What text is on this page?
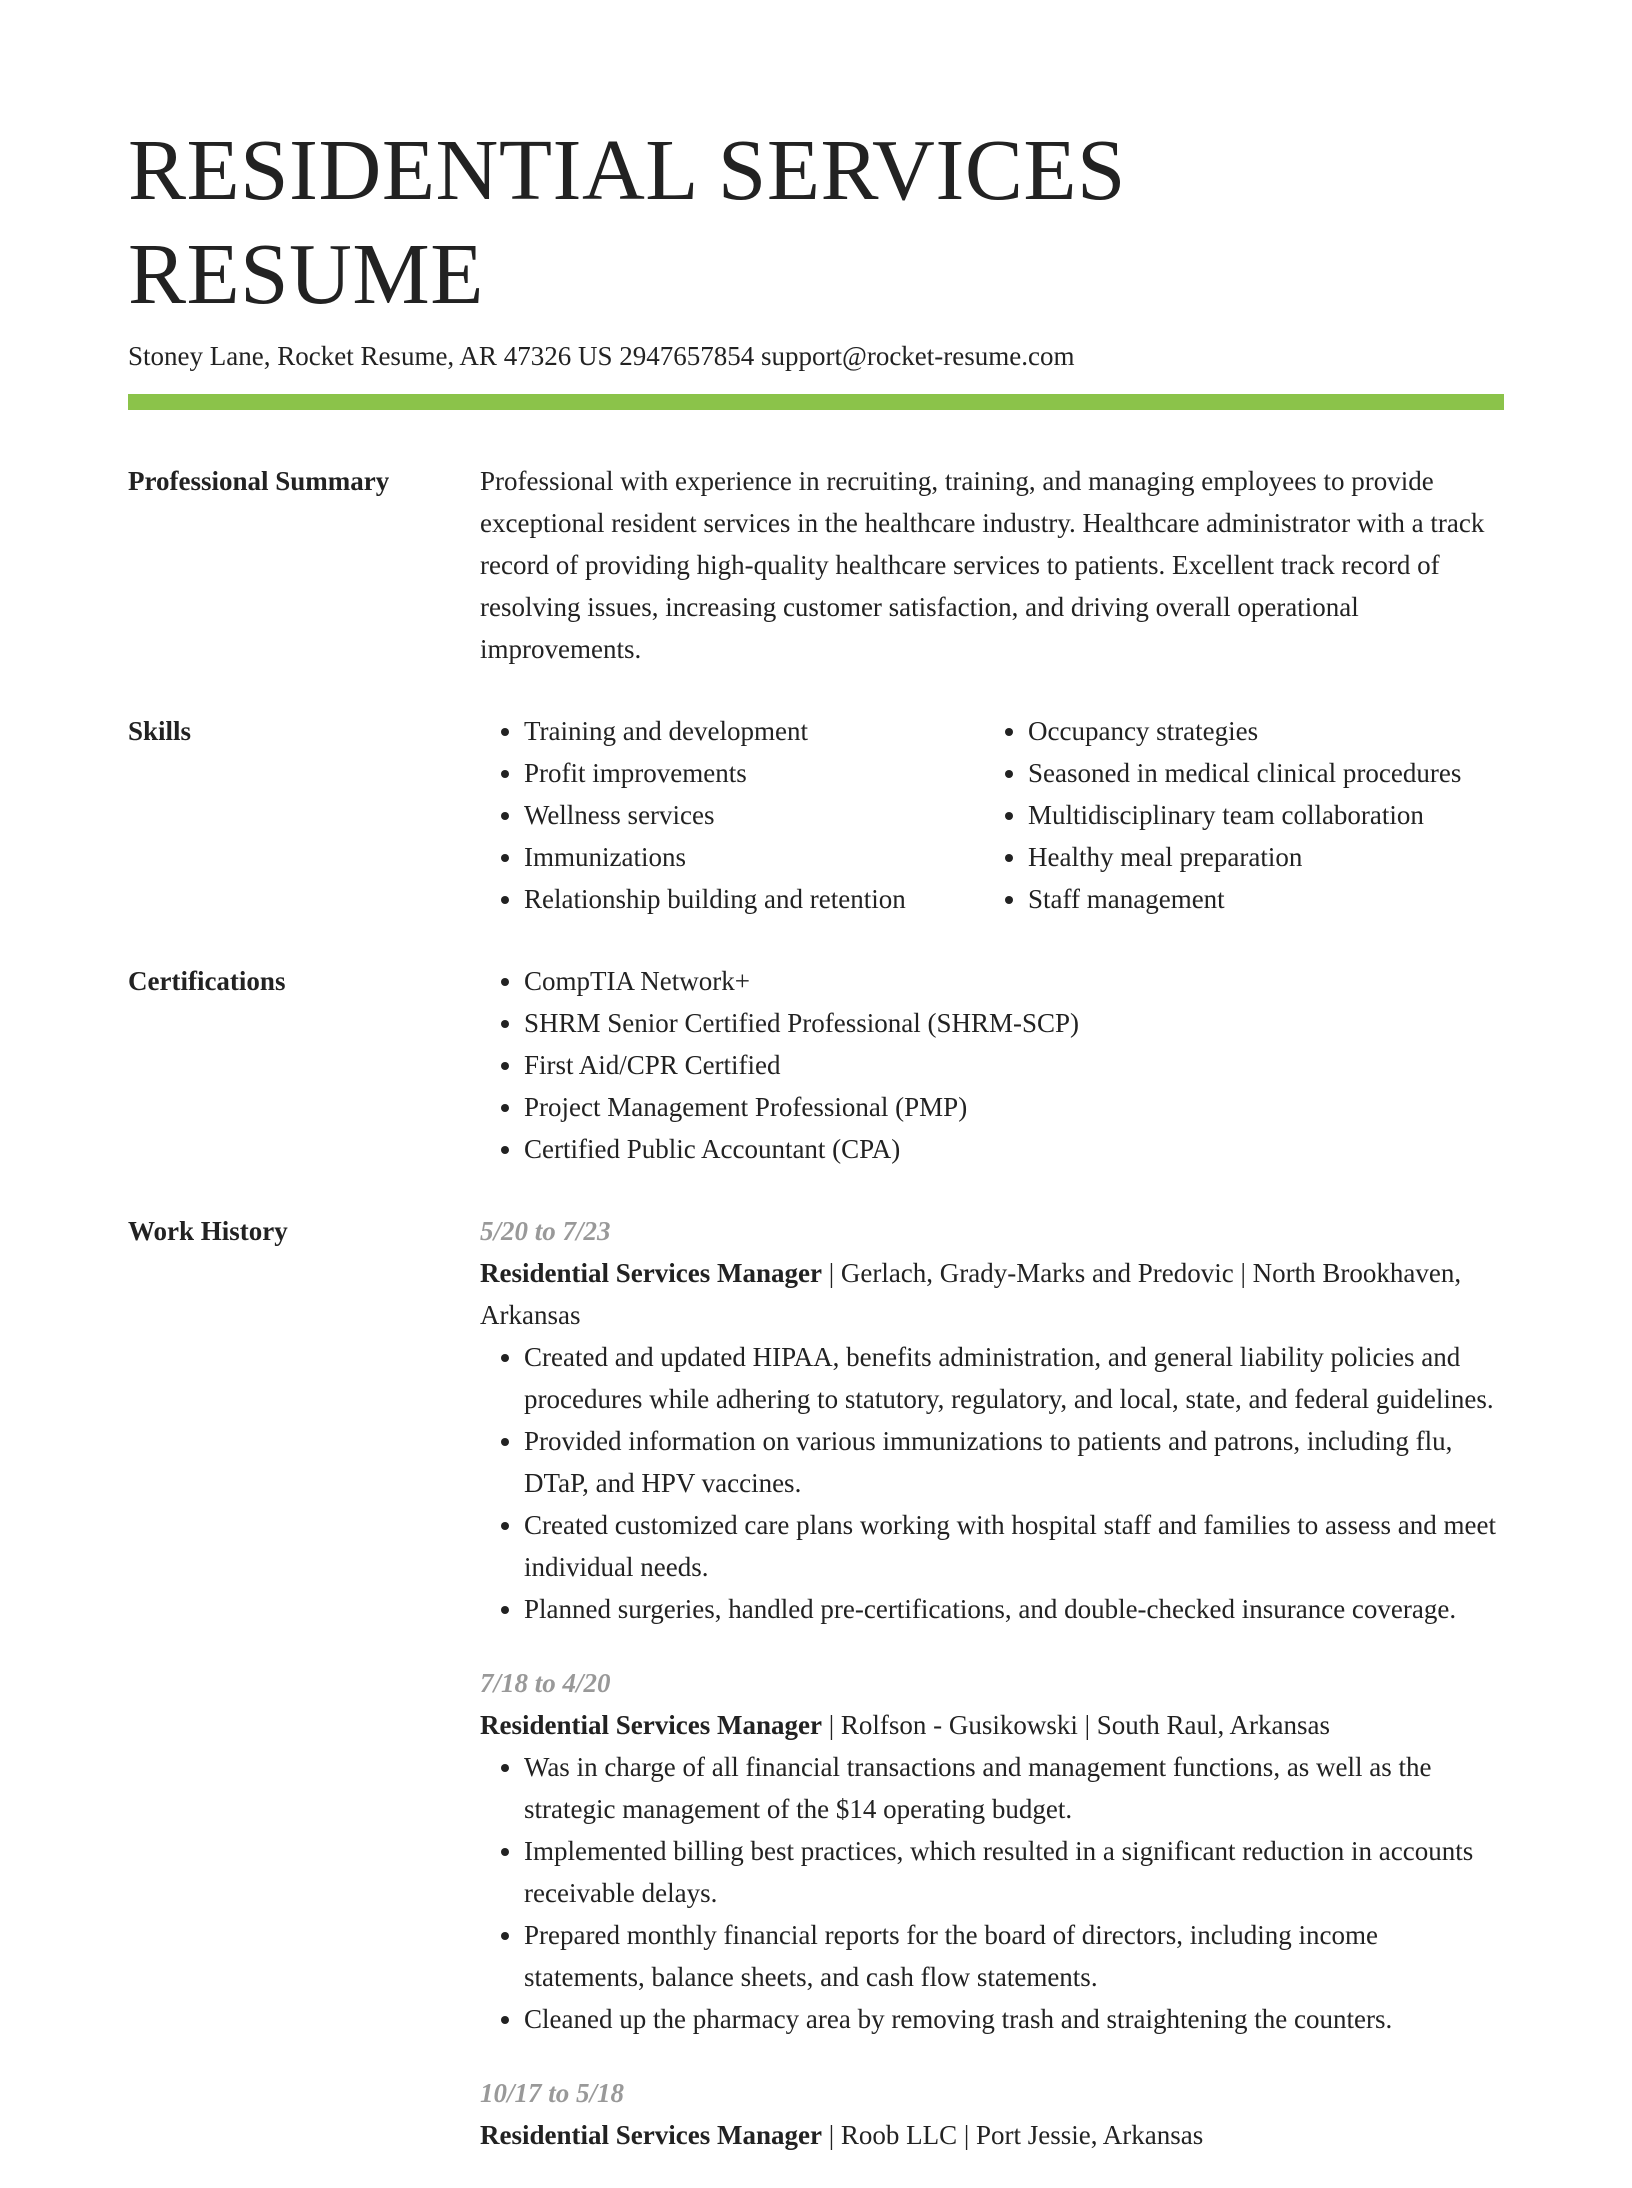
RESIDENTIAL SERVICES RESUME
Stoney Lane, Rocket Resume, AR 47326 US 2947657854 support@rocket-resume.com
Professional Summary	Professional with experience in recruiting, training, and managing employees to provide exceptional resident services in the healthcare industry. Healthcare administrator with a track record of providing high-quality healthcare services to patients. Excellent track record of resolving issues, increasing customer satisfaction, and driving overall operational improvements.

Skills	• Training and development
• Profit improvements
• Wellness services
• Immunizations
• Relationship building and retention
• Occupancy strategies
• Seasoned in medical clinical procedures
• Multidisciplinary team collaboration
• Healthy meal preparation
• Staff management
Certifications	• CompTIA Network+
• SHRM Senior Certified Professional (SHRM-SCP)
• First Aid/CPR Certified
• Project Management Professional (PMP)
• Certified Public Accountant (CPA)
Work History	5/20 to 7/23
Residential Services Manager | Gerlach, Grady-Marks and Predovic | North Brookhaven, Arkansas
• Created and updated HIPAA, benefits administration, and general liability policies and procedures while adhering to statutory, regulatory, and local, state, and federal guidelines.
• Provided information on various immunizations to patients and patrons, including flu, DTaP, and HPV vaccines.
• Created customized care plans working with hospital staff and families to assess and meet individual needs.
• Planned surgeries, handled pre-certifications, and double-checked insurance coverage.
7/18 to 4/20
Residential Services Manager | Rolfson - Gusikowski | South Raul, Arkansas
• Was in charge of all financial transactions and management functions, as well as the strategic management of the $14 operating budget.
• Implemented billing best practices, which resulted in a significant reduction in accounts receivable delays.
• Prepared monthly financial reports for the board of directors, including income statements, balance sheets, and cash flow statements.
• Cleaned up the pharmacy area by removing trash and straightening the counters.
10/17 to 5/18
Residential Services Manager | Roob LLC | Port Jessie, Arkansas
